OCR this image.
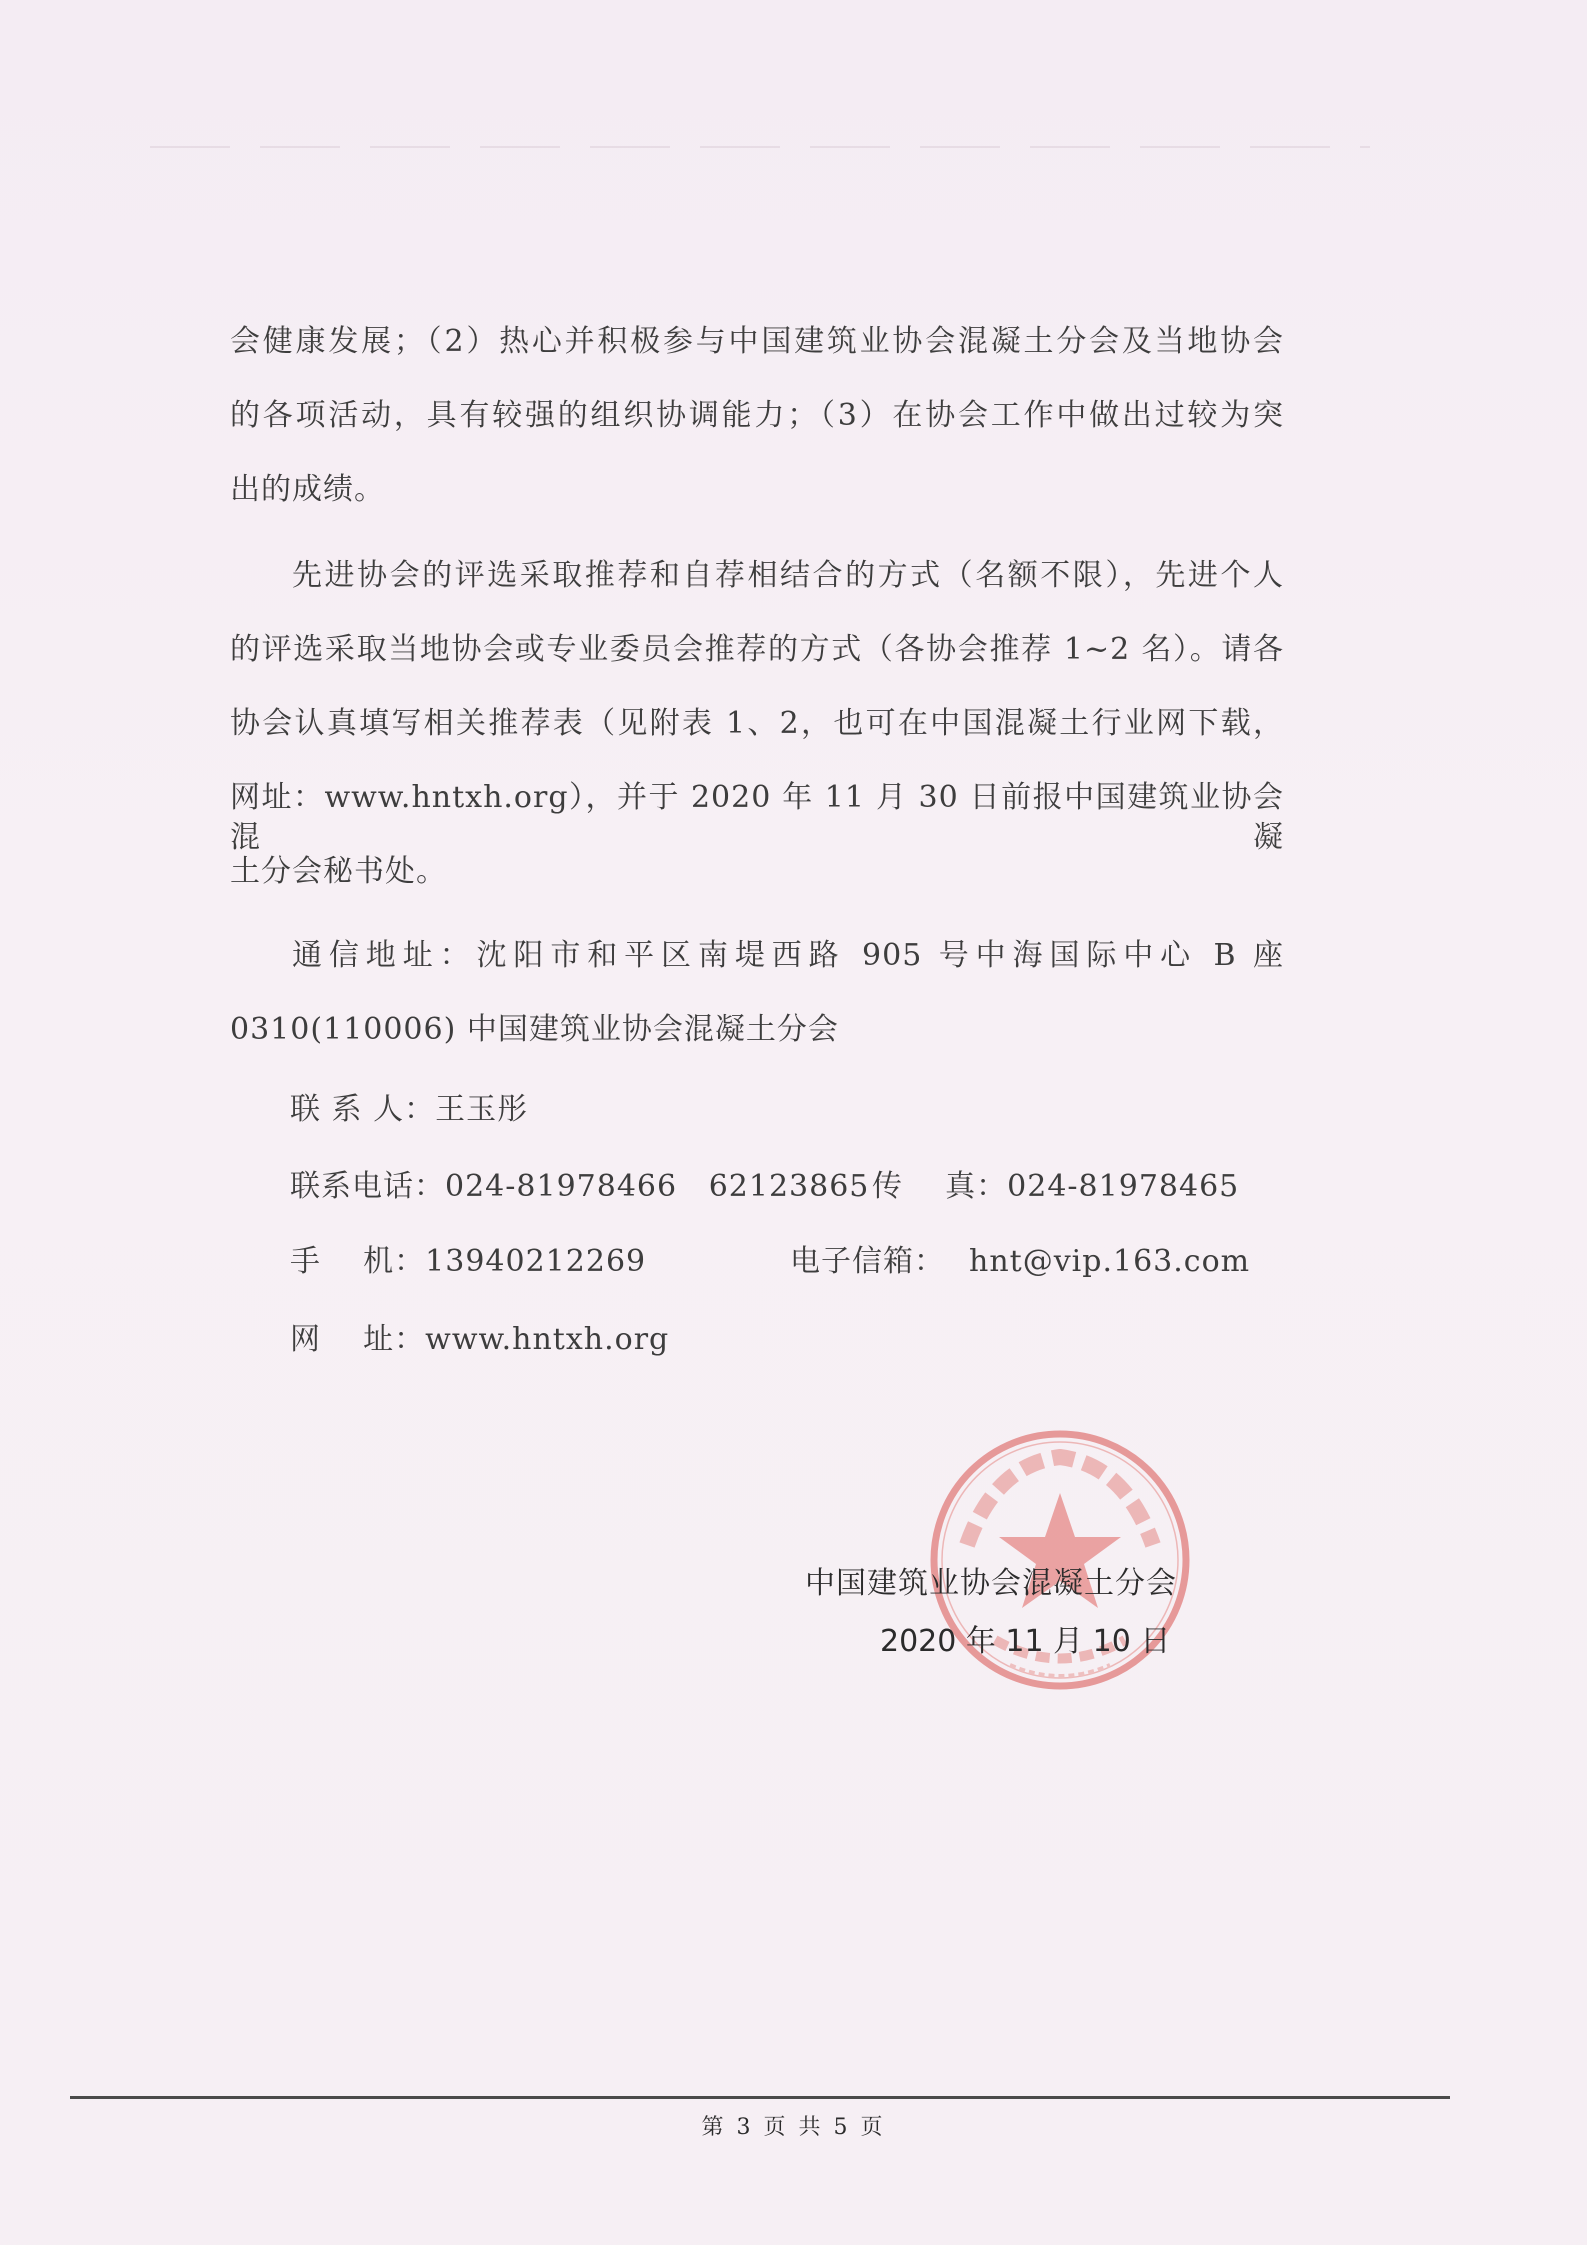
会健康发展；（2）热心并积极参与中国建筑业协会混凝土分会及当地协会
的各项活动，具有较强的组织协调能力；（3）在协会工作中做出过较为突
出的成绩。
先进协会的评选采取推荐和自荐相结合的方式（名额不限），先进个人
的评选采取当地协会或专业委员会推荐的方式（各协会推荐 1~2 名）。请各
协会认真填写相关推荐表（见附表 1、2，也可在中国混凝土行业网下载，
网址：www.hntxh.org），并于 2020 年 11 月 30 日前报中国建筑业协会混凝
土分会秘书处。
通信地址：沈阳市和平区南堤西路 905 号中海国际中心 B 座
0310(110006) 中国建筑业协会混凝土分会
联 系 人：王玉彤
联系电话：024-81978466   62123865 传    真：024-81978465
手    机：13940212269	电子信箱： hnt@vip.163.com
网    址：www.hntxh.org
中国建筑业协会混凝土分会
2020 年 11 月 10 日
第 3 页 共 5 页
